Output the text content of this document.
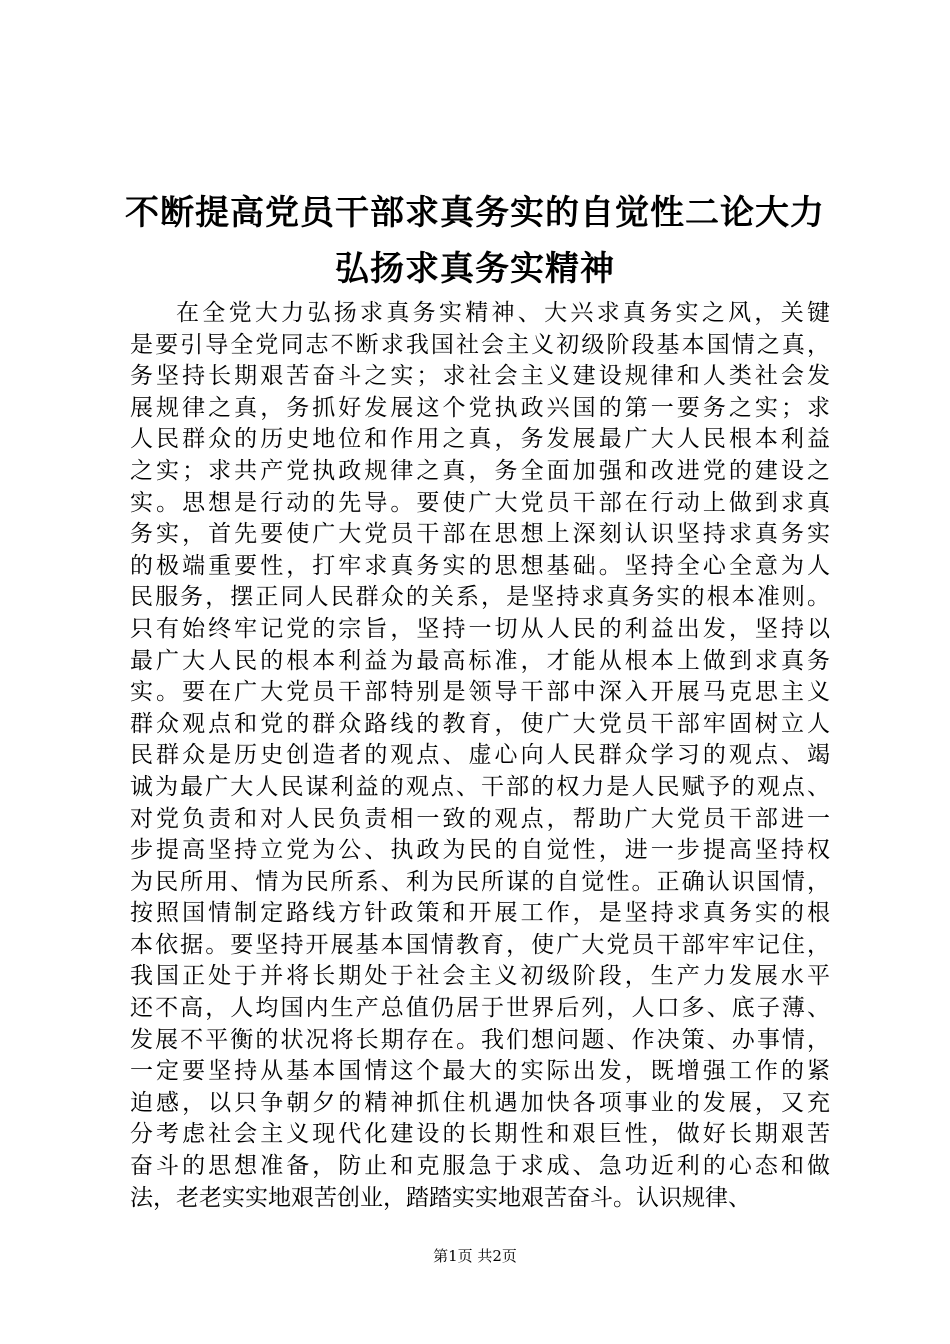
不断提高党员干部求真务实的自觉性二论大力
弘扬求真务实精神
在全党大力弘扬求真务实精神、大兴求真务实之风，关键
是要引导全党同志不断求我国社会主义初级阶段基本国情之真，
务坚持长期艰苦奋斗之实；求社会主义建设规律和人类社会发
展规律之真，务抓好发展这个党执政兴国的第一要务之实；求
人民群众的历史地位和作用之真，务发展最广大人民根本利益
之实；求共产党执政规律之真，务全面加强和改进党的建设之
实。思想是行动的先导。要使广大党员干部在行动上做到求真
务实，首先要使广大党员干部在思想上深刻认识坚持求真务实
的极端重要性，打牢求真务实的思想基础。坚持全心全意为人
民服务，摆正同人民群众的关系，是坚持求真务实的根本准则。
只有始终牢记党的宗旨，坚持一切从人民的利益出发，坚持以
最广大人民的根本利益为最高标准，才能从根本上做到求真务
实。要在广大党员干部特别是领导干部中深入开展马克思主义
群众观点和党的群众路线的教育，使广大党员干部牢固树立人
民群众是历史创造者的观点、虚心向人民群众学习的观点、竭
诚为最广大人民谋利益的观点、干部的权力是人民赋予的观点、
对党负责和对人民负责相一致的观点，帮助广大党员干部进一
步提高坚持立党为公、执政为民的自觉性，进一步提高坚持权
为民所用、情为民所系、利为民所谋的自觉性。正确认识国情，
按照国情制定路线方针政策和开展工作，是坚持求真务实的根
本依据。要坚持开展基本国情教育，使广大党员干部牢牢记住，
我国正处于并将长期处于社会主义初级阶段，生产力发展水平
还不高，人均国内生产总值仍居于世界后列，人口多、底子薄、
发展不平衡的状况将长期存在。我们想问题、作决策、办事情，
一定要坚持从基本国情这个最大的实际出发，既增强工作的紧
迫感，以只争朝夕的精神抓住机遇加快各项事业的发展，又充
分考虑社会主义现代化建设的长期性和艰巨性，做好长期艰苦
奋斗的思想准备，防止和克服急于求成、急功近利的心态和做
法，老老实实地艰苦创业，踏踏实实地艰苦奋斗。认识规律、
第1页 共2页
